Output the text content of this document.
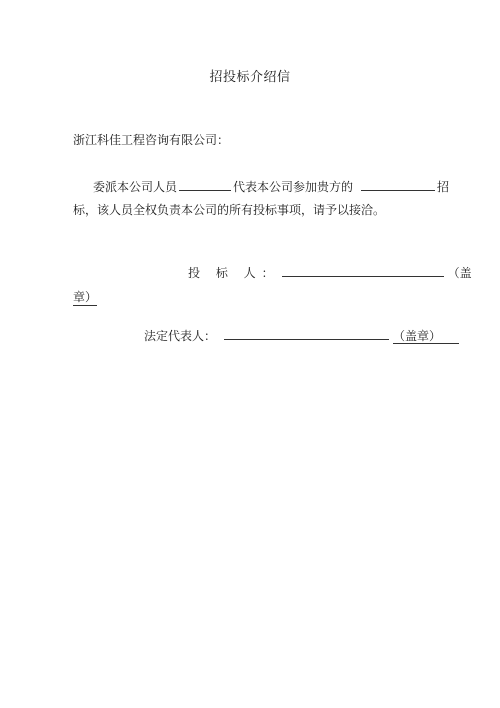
招投标介绍信
浙江科佳工程咨询有限公司：
委派本公司人员	代表本公司参加贵方的	招
标，该人员全权负责本公司的所有投标事项，请予以接洽。
投 标 人：	（盖
章）
法定代表人：	（盖章）
